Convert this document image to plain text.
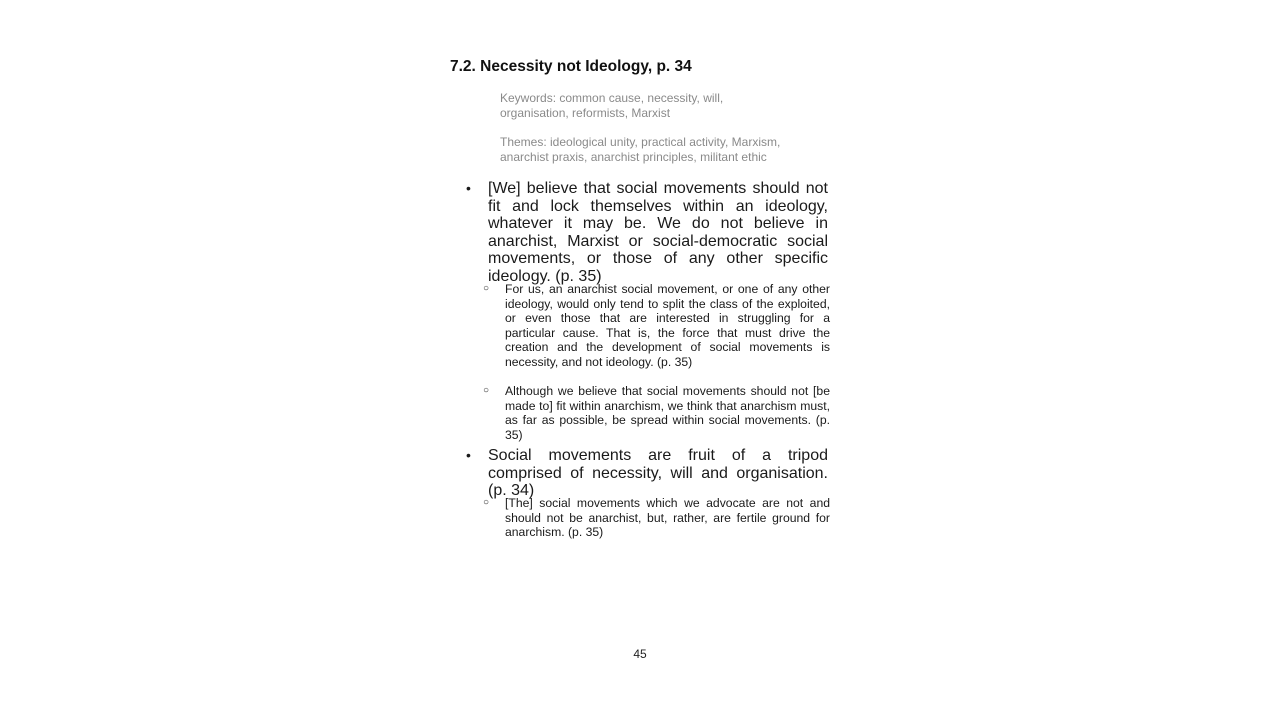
7.2. Necessity not Ideology, p. 34
Keywords: common cause, necessity, will, organisation, reformists, Marxist
Themes: ideological unity, practical activity, Marxism, anarchist praxis, anarchist principles, militant ethic
• [We] believe that social movements should not fit and lock themselves within an ideology, whatever it may be. We do not believe in anarchist, Marxist or social-democratic social movements, or those of any other specific ideology. (p. 35)
○ For us, an anarchist social movement, or one of any other ideology, would only tend to split the class of the exploited, or even those that are interested in struggling for a particular cause. That is, the force that must drive the creation and the development of social movements is necessity, and not ideology. (p. 35)
○ Although we believe that social movements should not [be made to] fit within anarchism, we think that anarchism must, as far as possible, be spread within social movements. (p. 35)
• Social movements are fruit of a tripod comprised of necessity, will and organisation. (p. 34)
○ [The] social movements which we advocate are not and should not be anarchist, but, rather, are fertile ground for anarchism. (p. 35)
45
